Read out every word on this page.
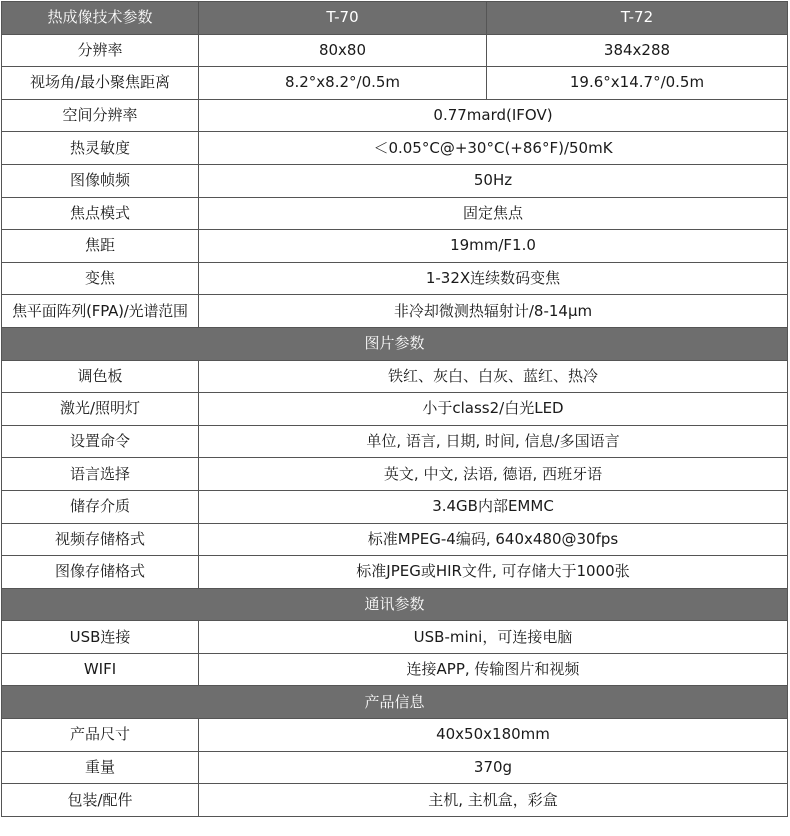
热成像技术参数	T-70	T-72
分辨率	80x80	384x288
视场角/最小聚焦距离	8.2°x8.2°/0.5m	19.6°x14.7°/0.5m
空间分辨率	0.77mard(IFOV)	
热灵敏度	＜0.05°C@+30°C(+86°F)/50mK	
图像帧频	50Hz	
焦点模式	固定焦点	
焦距	19mm/F1.0	
变焦	1-32X连续数码变焦	
焦平面阵列(FPA)/光谱范围	非冷却微测热辐射计/8-14μm	
图片参数		
调色板	铁红、灰白、白灰、蓝红、热冷	
激光/照明灯	小于class2/白光LED	
设置命令	单位, 语言, 日期, 时间, 信息/多国语言	
语言选择	英文, 中文, 法语, 德语, 西班牙语	
储存介质	3.4GB内部EMMC	
视频存储格式	标准MPEG-4编码, 640x480@30fps	
图像存储格式	标准JPEG或HIR文件, 可存储大于1000张	
通讯参数		
USB连接	USB-mini，可连接电脑	
WIFI	连接APP, 传输图片和视频	
产品信息		
产品尺寸	40x50x180mm	
重量	370g	
包装/配件	主机, 主机盒，彩盒	
